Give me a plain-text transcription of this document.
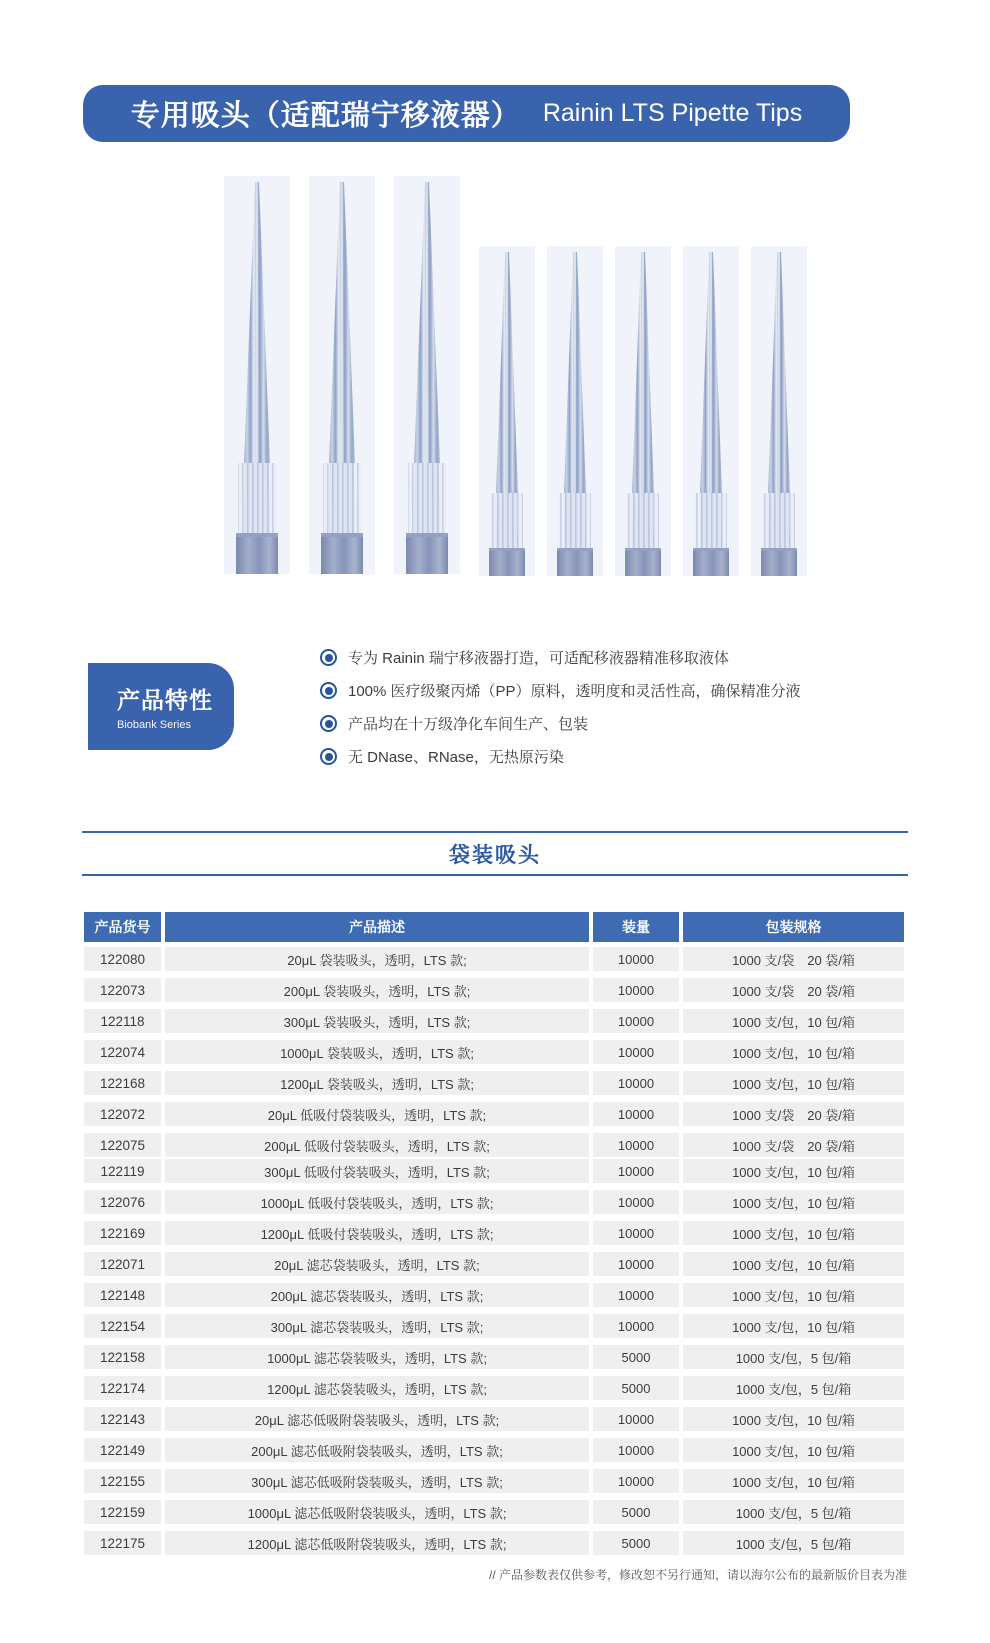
专用吸头（适配瑞宁移液器） Rainin LTS Pipette Tips
产品特性
Biobank Series
专为 Rainin 瑞宁移液器打造，可适配移液器精准移取液体
100% 医疗级聚丙烯（PP）原料，透明度和灵活性高，确保精准分液
产品均在十万级净化车间生产、包装
无 DNase、RNase，无热原污染
袋装吸头
产品货号	产品描述	装量	包装规格
122080	20μL 袋装吸头，透明，LTS 款;	10000	1000 支/袋　20 袋/箱
122073	200μL 袋装吸头，透明，LTS 款;	10000	1000 支/袋　20 袋/箱
122118	300μL 袋装吸头，透明，LTS 款;	10000	1000 支/包，10 包/箱
122074	1000μL 袋装吸头，透明，LTS 款;	10000	1000 支/包，10 包/箱
122168	1200μL 袋装吸头，透明，LTS 款;	10000	1000 支/包，10 包/箱
122072	20μL 低吸付袋装吸头，透明，LTS 款;	10000	1000 支/袋　20 袋/箱
122075	200μL 低吸付袋装吸头，透明，LTS 款;	10000	1000 支/袋　20 袋/箱
122119	300μL 低吸付袋装吸头，透明，LTS 款;	10000	1000 支/包，10 包/箱
122076	1000μL 低吸付袋装吸头，透明，LTS 款;	10000	1000 支/包，10 包/箱
122169	1200μL 低吸付袋装吸头，透明，LTS 款;	10000	1000 支/包，10 包/箱
122071	20μL 滤芯袋装吸头，透明，LTS 款;	10000	1000 支/包，10 包/箱
122148	200μL 滤芯袋装吸头，透明，LTS 款;	10000	1000 支/包，10 包/箱
122154	300μL 滤芯袋装吸头，透明，LTS 款;	10000	1000 支/包，10 包/箱
122158	1000μL 滤芯袋装吸头，透明，LTS 款;	5000	1000 支/包，5 包/箱
122174	1200μL 滤芯袋装吸头，透明，LTS 款;	5000	1000 支/包，5 包/箱
122143	20μL 滤芯低吸附袋装吸头，透明，LTS 款;	10000	1000 支/包，10 包/箱
122149	200μL 滤芯低吸附袋装吸头，透明，LTS 款;	10000	1000 支/包，10 包/箱
122155	300μL 滤芯低吸附袋装吸头，透明，LTS 款;	10000	1000 支/包，10 包/箱
122159	1000μL 滤芯低吸附袋装吸头，透明，LTS 款;	5000	1000 支/包，5 包/箱
122175	1200μL 滤芯低吸附袋装吸头，透明，LTS 款;	5000	1000 支/包，5 包/箱
// 产品参数表仅供参考，修改恕不另行通知，请以海尔公布的最新版价目表为准
